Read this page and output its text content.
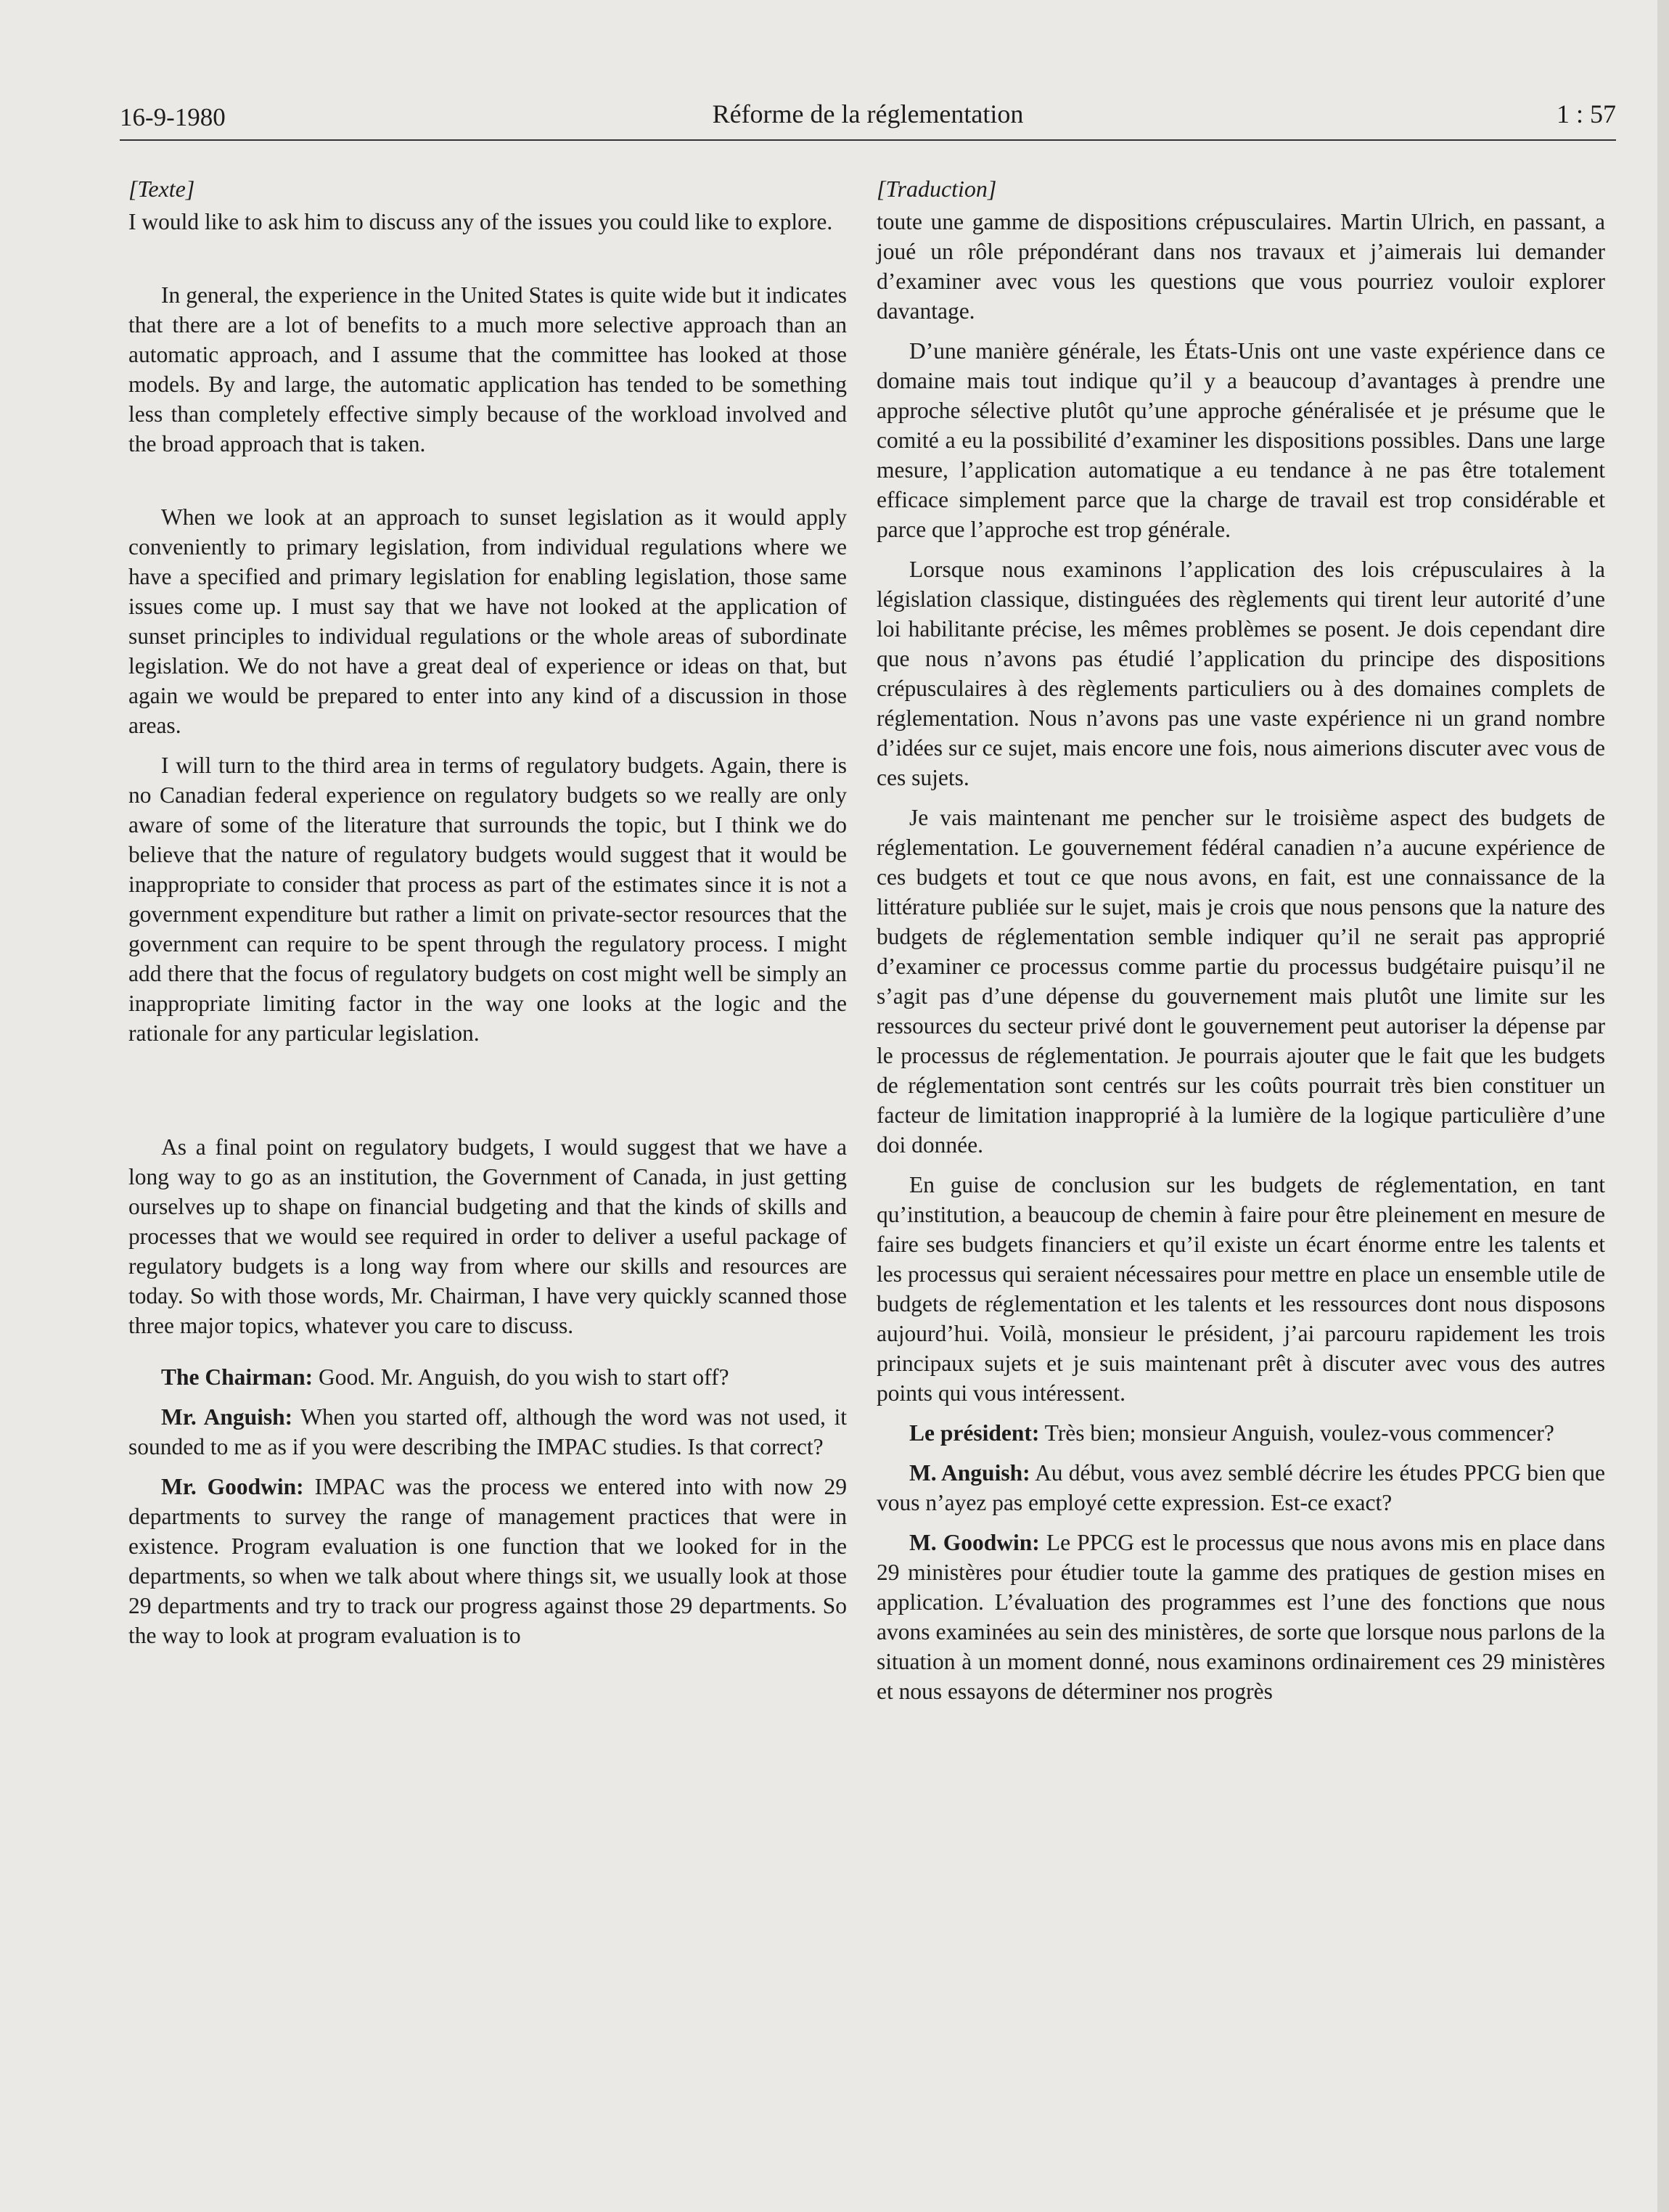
16-9-1980	Réforme de la réglementation	1 : 57
[Texte]

I would like to ask him to discuss any of the issues you could like to explore.

In general, the experience in the United States is quite wide but it indicates that there are a lot of benefits to a much more selective approach than an automatic approach, and I assume that the committee has looked at those models. By and large, the automatic application has tended to be something less than completely effective simply because of the workload involved and the broad approach that is taken.

When we look at an approach to sunset legislation as it would apply conveniently to primary legislation, from individual regulations where we have a specified and primary legislation for enabling legislation, those same issues come up. I must say that we have not looked at the application of sunset principles to individual regulations or the whole areas of subordinate legislation. We do not have a great deal of experience or ideas on that, but again we would be prepared to enter into any kind of a discussion in those areas.

I will turn to the third area in terms of regulatory budgets. Again, there is no Canadian federal experience on regulatory budgets so we really are only aware of some of the literature that surrounds the topic, but I think we do believe that the nature of regulatory budgets would suggest that it would be inappropriate to consider that process as part of the estimates since it is not a government expenditure but rather a limit on private-sector resources that the government can require to be spent through the regulatory process. I might add there that the focus of regulatory budgets on cost might well be simply an inappropriate limiting factor in the way one looks at the logic and the rationale for any particular legislation.

As a final point on regulatory budgets, I would suggest that we have a long way to go as an institution, the Government of Canada, in just getting ourselves up to shape on financial budgeting and that the kinds of skills and processes that we would see required in order to deliver a useful package of regulatory budgets is a long way from where our skills and resources are today. So with those words, Mr. Chairman, I have very quickly scanned those three major topics, whatever you care to discuss.

The Chairman: Good. Mr. Anguish, do you wish to start off?

Mr. Anguish: When you started off, although the word was not used, it sounded to me as if you were describing the IMPAC studies. Is that correct?

Mr. Goodwin: IMPAC was the process we entered into with now 29 departments to survey the range of management practices that were in existence. Program evaluation is one function that we looked for in the departments, so when we talk about where things sit, we usually look at those 29 departments and try to track our progress against those 29 departments. So the way to look at program evaluation is to

[Traduction]

toute une gamme de dispositions crépusculaires. Martin Ulrich, en passant, a joué un rôle prépondérant dans nos travaux et j’aimerais lui demander d’examiner avec vous les questions que vous pourriez vouloir explorer davantage.

D’une manière générale, les États-Unis ont une vaste expérience dans ce domaine mais tout indique qu’il y a beaucoup d’avantages à prendre une approche sélective plutôt qu’une approche généralisée et je présume que le comité a eu la possibilité d’examiner les dispositions possibles. Dans une large mesure, l’application automatique a eu tendance à ne pas être totalement efficace simplement parce que la charge de travail est trop considérable et parce que l’approche est trop générale.

Lorsque nous examinons l’application des lois crépusculaires à la législation classique, distinguées des règlements qui tirent leur autorité d’une loi habilitante précise, les mêmes problèmes se posent. Je dois cependant dire que nous n’avons pas étudié l’application du principe des dispositions crépusculaires à des règlements particuliers ou à des domaines complets de réglementation. Nous n’avons pas une vaste expérience ni un grand nombre d’idées sur ce sujet, mais encore une fois, nous aimerions discuter avec vous de ces sujets.

Je vais maintenant me pencher sur le troisième aspect des budgets de réglementation. Le gouvernement fédéral canadien n’a aucune expérience de ces budgets et tout ce que nous avons, en fait, est une connaissance de la littérature publiée sur le sujet, mais je crois que nous pensons que la nature des budgets de réglementation semble indiquer qu’il ne serait pas approprié d’examiner ce processus comme partie du processus budgétaire puisqu’il ne s’agit pas d’une dépense du gouvernement mais plutôt une limite sur les ressources du secteur privé dont le gouvernement peut autoriser la dépense par le processus de réglementation. Je pourrais ajouter que le fait que les budgets de réglementation sont centrés sur les coûts pourrait très bien constituer un facteur de limitation inapproprié à la lumière de la logique particulière d’une doi donnée.

En guise de conclusion sur les budgets de réglementation, en tant qu’institution, a beaucoup de chemin à faire pour être pleinement en mesure de faire ses budgets financiers et qu’il existe un écart énorme entre les talents et les processus qui seraient nécessaires pour mettre en place un ensemble utile de budgets de réglementation et les talents et les ressources dont nous disposons aujourd’hui. Voilà, monsieur le président, j’ai parcouru rapidement les trois principaux sujets et je suis maintenant prêt à discuter avec vous des autres points qui vous intéressent.

Le président: Très bien; monsieur Anguish, voulez-vous commencer?

M. Anguish: Au début, vous avez semblé décrire les études PPCG bien que vous n’ayez pas employé cette expression. Est-ce exact?

M. Goodwin: Le PPCG est le processus que nous avons mis en place dans 29 ministères pour étudier toute la gamme des pratiques de gestion mises en application. L’évaluation des programmes est l’une des fonctions que nous avons examinées au sein des ministères, de sorte que lorsque nous parlons de la situation à un moment donné, nous examinons ordinairement ces 29 ministères et nous essayons de déterminer nos progrès
